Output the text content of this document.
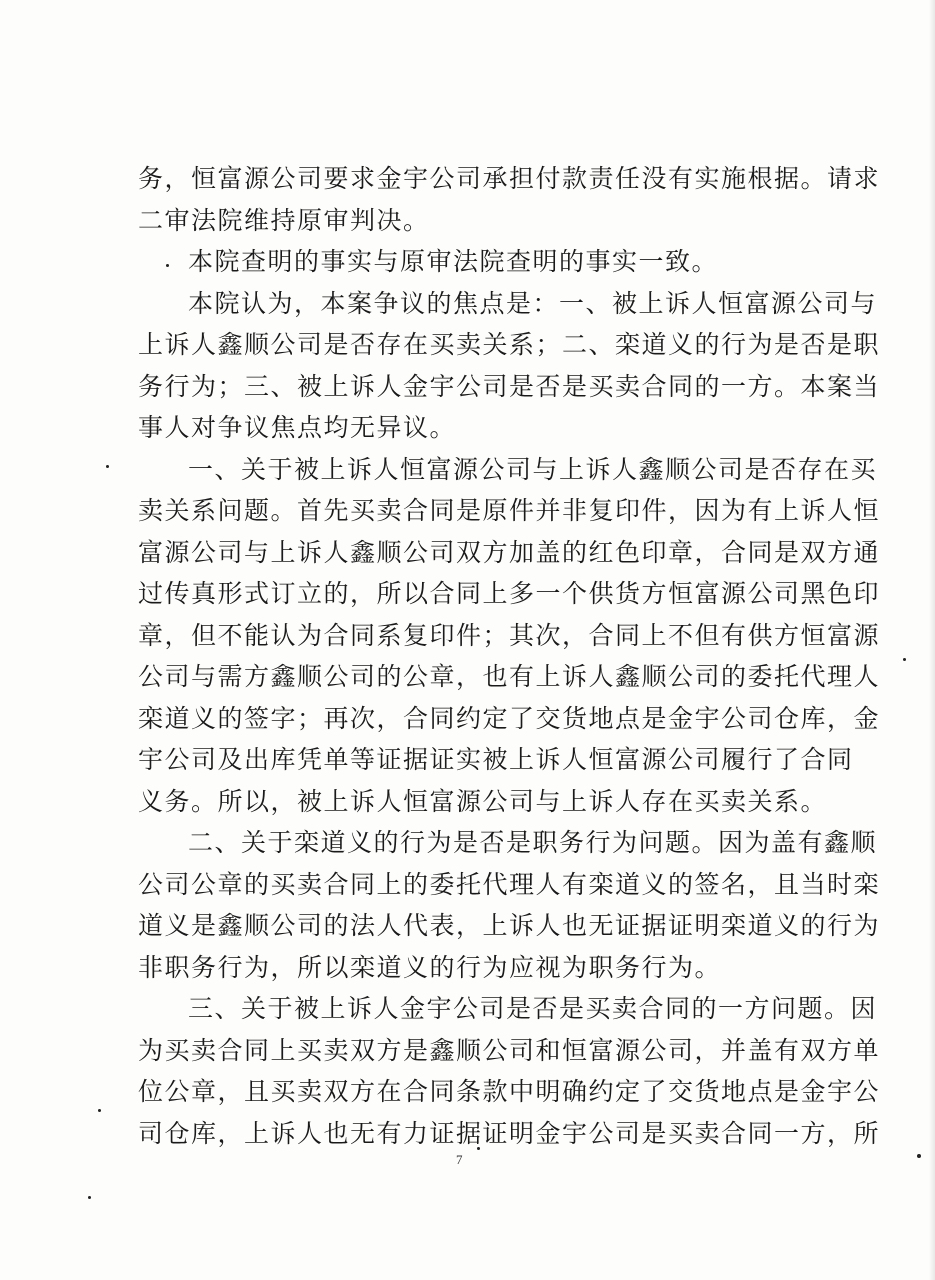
务，恒富源公司要求金宇公司承担付款责任没有实施根据。请求
二审法院维持原审判决。
本院查明的事实与原审法院查明的事实一致。
本院认为，本案争议的焦点是：一、被上诉人恒富源公司与
上诉人鑫顺公司是否存在买卖关系；二、栾道义的行为是否是职
务行为；三、被上诉人金宇公司是否是买卖合同的一方。本案当
事人对争议焦点均无异议。
一、关于被上诉人恒富源公司与上诉人鑫顺公司是否存在买
卖关系问题。首先买卖合同是原件并非复印件，因为有上诉人恒
富源公司与上诉人鑫顺公司双方加盖的红色印章，合同是双方通
过传真形式订立的，所以合同上多一个供货方恒富源公司黑色印
章，但不能认为合同系复印件；其次，合同上不但有供方恒富源
公司与需方鑫顺公司的公章，也有上诉人鑫顺公司的委托代理人
栾道义的签字；再次，合同约定了交货地点是金宇公司仓库，金
宇公司及出库凭单等证据证实被上诉人恒富源公司履行了合同
义务。所以，被上诉人恒富源公司与上诉人存在买卖关系。
二、关于栾道义的行为是否是职务行为问题。因为盖有鑫顺
公司公章的买卖合同上的委托代理人有栾道义的签名，且当时栾
道义是鑫顺公司的法人代表，上诉人也无证据证明栾道义的行为
非职务行为，所以栾道义的行为应视为职务行为。
三、关于被上诉人金宇公司是否是买卖合同的一方问题。因
为买卖合同上买卖双方是鑫顺公司和恒富源公司，并盖有双方单
位公章，且买卖双方在合同条款中明确约定了交货地点是金宇公
司仓库，上诉人也无有力证据证明金宇公司是买卖合同一方，所
7
